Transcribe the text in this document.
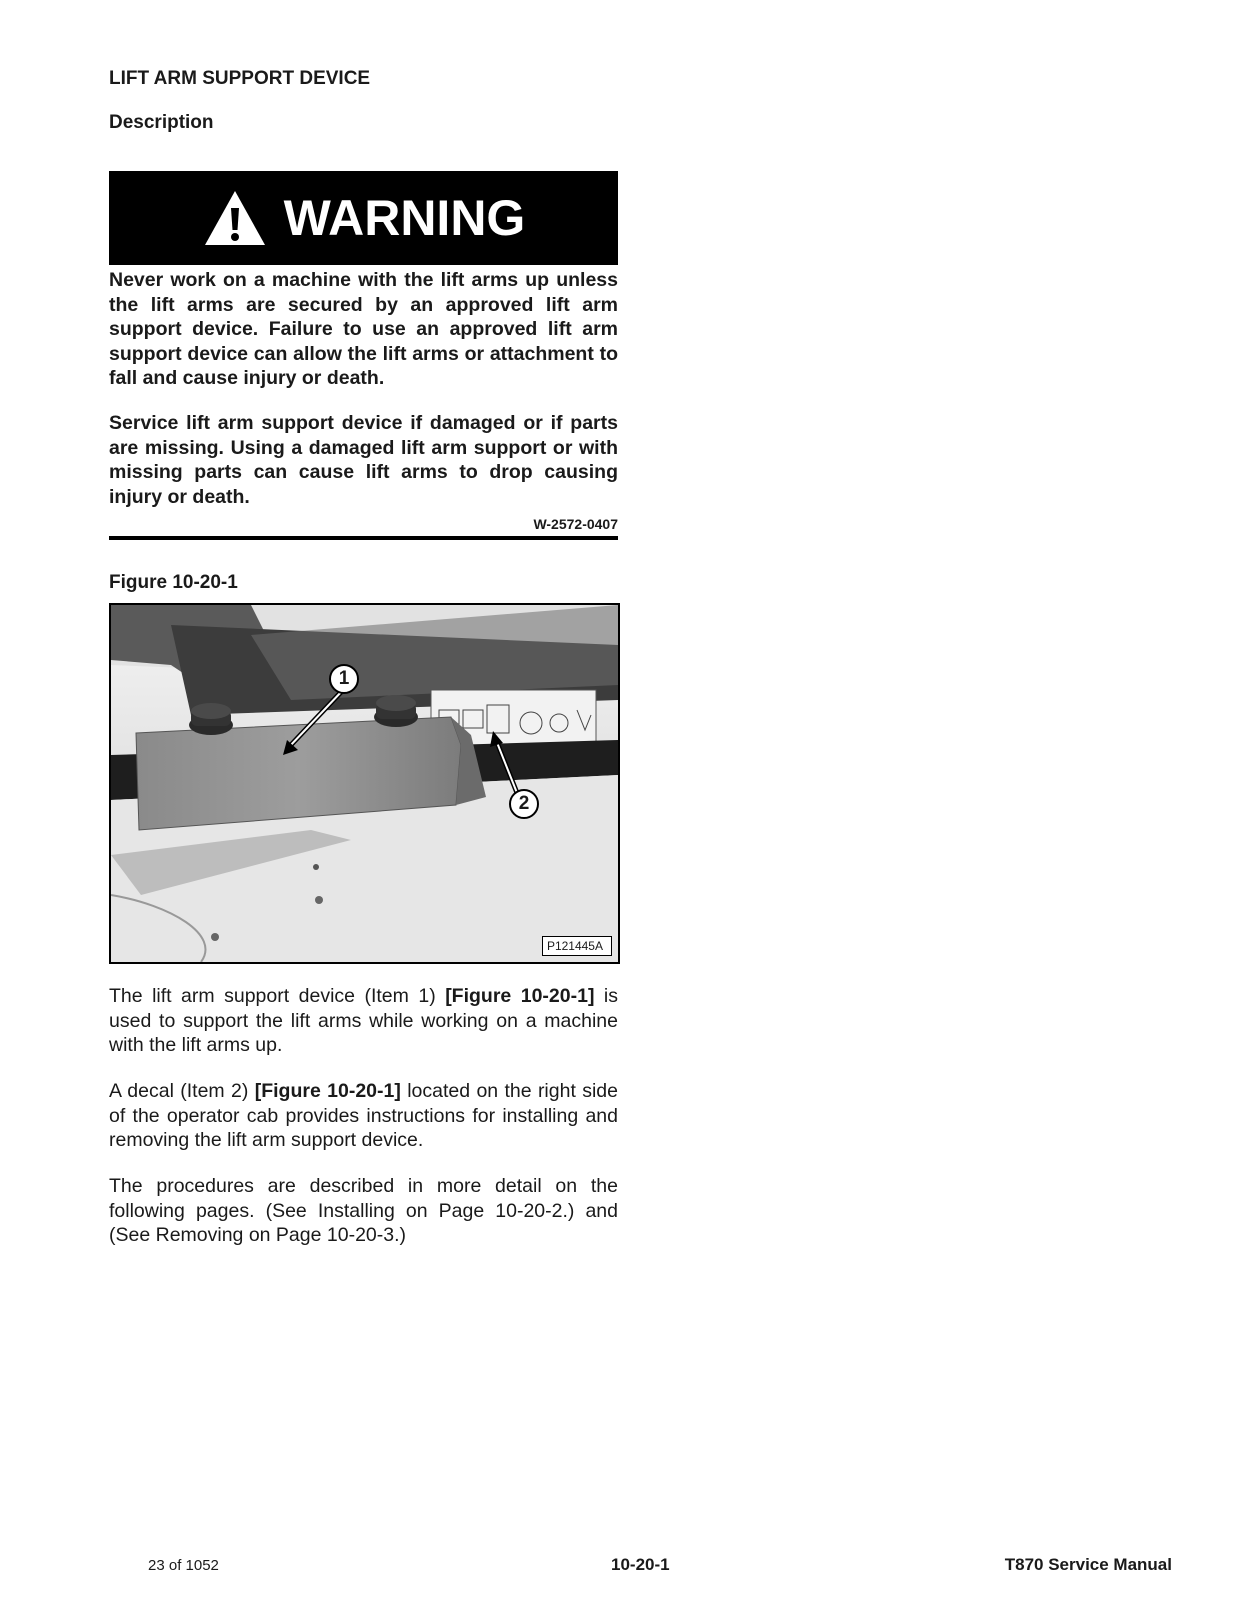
LIFT ARM SUPPORT DEVICE
Description
WARNING

Never work on a machine with the lift arms up unless the lift arms are secured by an approved lift arm support device. Failure to use an approved lift arm support device can allow the lift arms or attachment to fall and cause injury or death.

Service lift arm support device if damaged or if parts are missing. Using a damaged lift arm support or with missing parts can cause lift arms to drop causing injury or death.

W-2572-0407
Figure 10-20-1
1
2
P121445A

The lift arm support device (Item 1) [Figure 10-20-1] is used to support the lift arms while working on a machine with the lift arms up.

A decal (Item 2) [Figure 10-20-1] located on the right side of the operator cab provides instructions for installing and removing the lift arm support device.

The procedures are described in more detail on the following pages. (See Installing on Page 10-20-2.) and (See Removing on Page 10-20-3.)

23 of 1052	10-20-1	T870 Service Manual
